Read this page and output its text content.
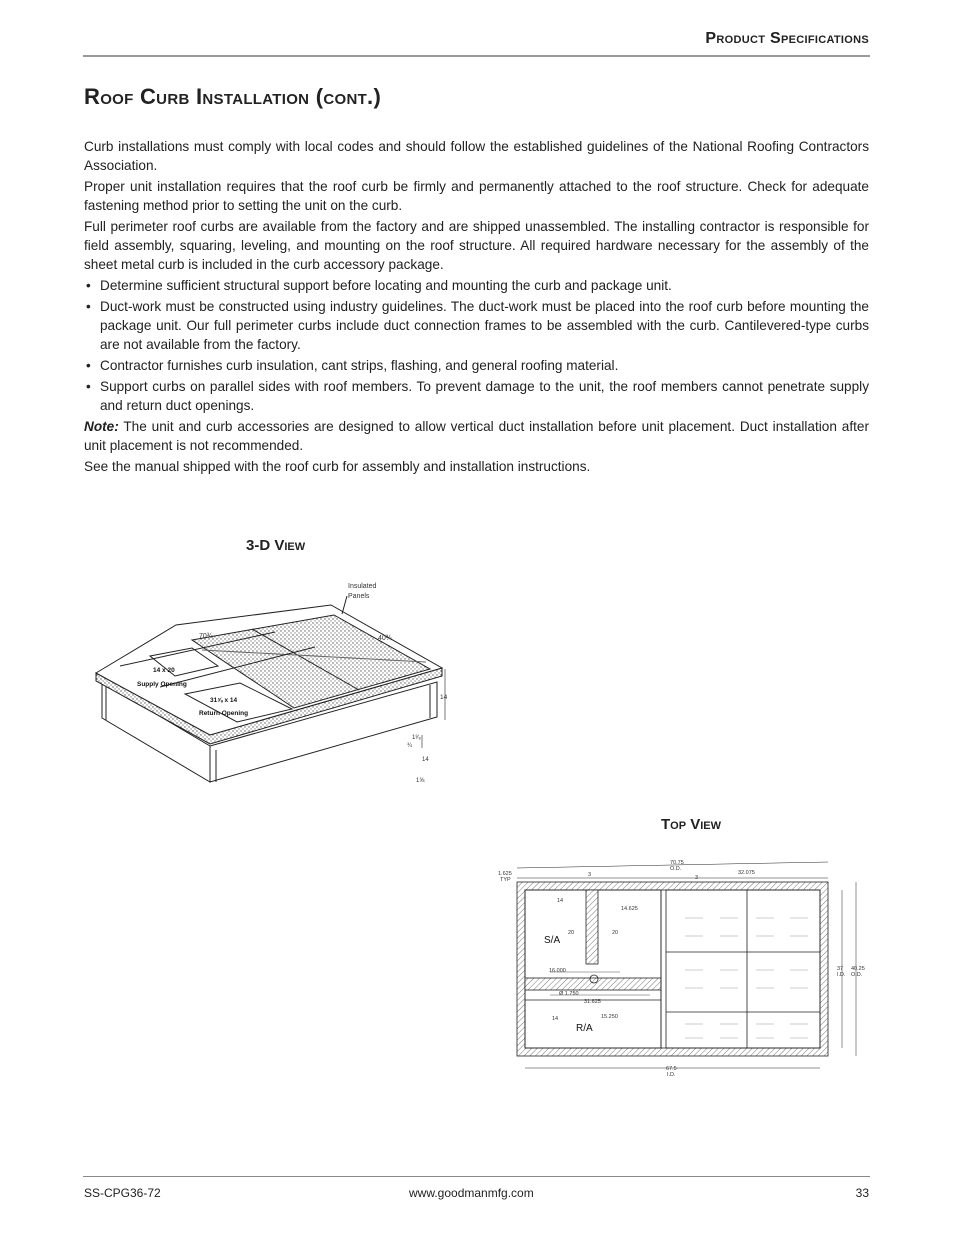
Product Specifications
Roof Curb Installation (cont.)

Curb installations must comply with local codes and should follow the established guidelines of the National Roofing Contractors Association.

Proper unit installation requires that the roof curb be firmly and permanently attached to the roof structure. Check for adequate fastening method prior to setting the unit on the curb.

Full perimeter roof curbs are available from the factory and are shipped unassembled. The installing contractor is responsible for field assembly, squaring, leveling, and mounting on the roof structure. All required hardware necessary for the assembly of the sheet metal curb is included in the curb accessory package.

• Determine sufficient structural support before locating and mounting the curb and package unit.
• Duct-work must be constructed using industry guidelines. The duct-work must be placed into the roof curb before mounting the package unit. Our full perimeter curbs include duct connection frames to be assembled with the curb. Cantilevered-type curbs are not available from the factory.
• Contractor furnishes curb insulation, cant strips, flashing, and general roofing material.
• Support curbs on parallel sides with roof members. To prevent damage to the unit, the roof members cannot penetrate supply and return duct openings.

Note: The unit and curb accessories are designed to allow vertical duct installation before unit placement. Duct installation after unit placement is not recommended.

See the manual shipped with the roof curb for assembly and installation instructions.

3-D View
Insulated
Panels
70¾	40¾
14
1³⁄₈
¾
14
1⅝
14 x 20
Supply Opening
31⅝ x 14
Return Opening
Top View
70.75
O.D.
1.625
TYP
3	3
32.075
14
14.625
20	20
16.000
Ø 1.750
31.625
14	15.250
37
I.D.
40.25
O.D.
67.5
I.D.
S/A
R/A
SS-CPG36-72	www.goodmanmfg.com	33
